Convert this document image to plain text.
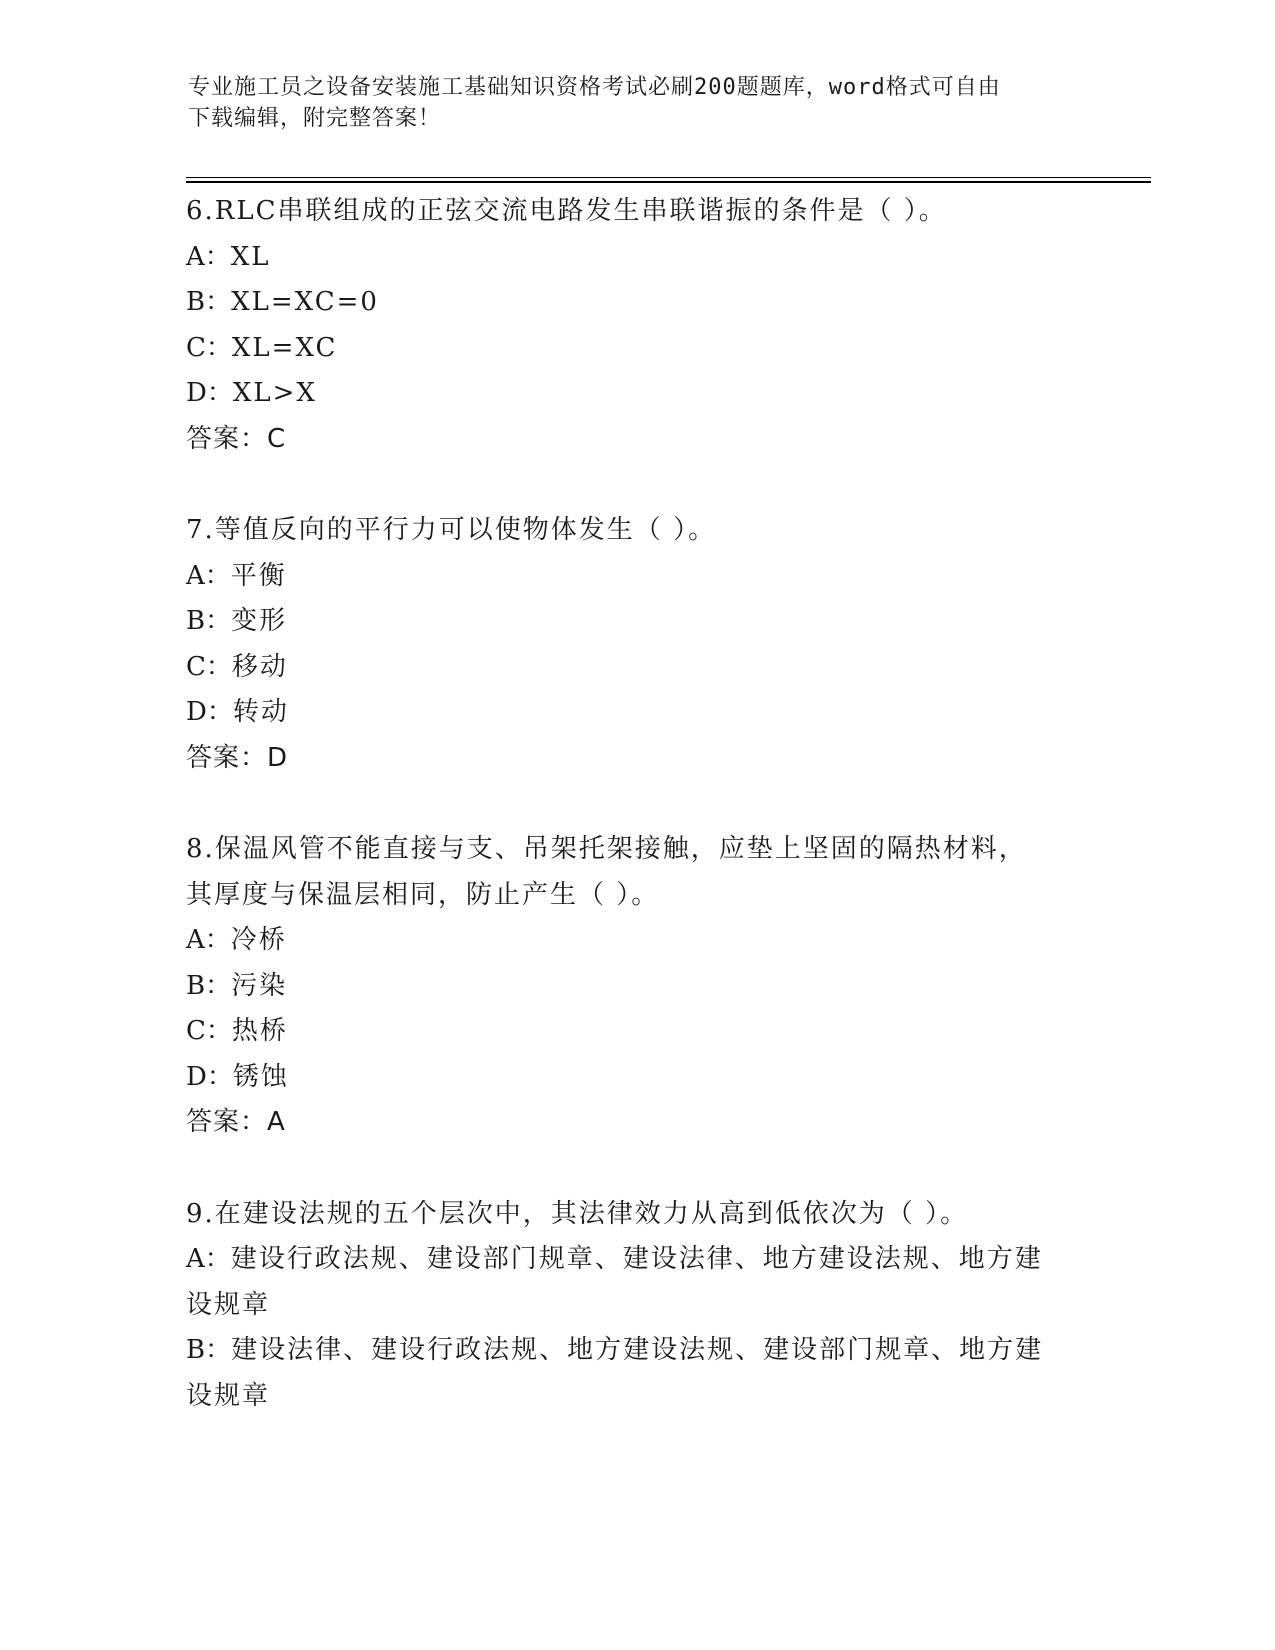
专业施工员之设备安装施工基础知识资格考试必刷200题题库，word格式可自由
下载编辑，附完整答案！
6.RLC串联组成的正弦交流电路发生串联谐振的条件是（ ）。
A：XL
B：XL=XC=0
C：XL=XC
D：XL>X
答案：C
7.等值反向的平行力可以使物体发生（ ）。
A：平衡
B：变形
C：移动
D：转动
答案：D
8.保温风管不能直接与支、吊架托架接触，应垫上坚固的隔热材料，
其厚度与保温层相同，防止产生（ ）。
A：冷桥
B：污染
C：热桥
D：锈蚀
答案：A
9.在建设法规的五个层次中，其法律效力从高到低依次为（ ）。
A：建设行政法规、建设部门规章、建设法律、地方建设法规、地方建
设规章
B：建设法律、建设行政法规、地方建设法规、建设部门规章、地方建
设规章
